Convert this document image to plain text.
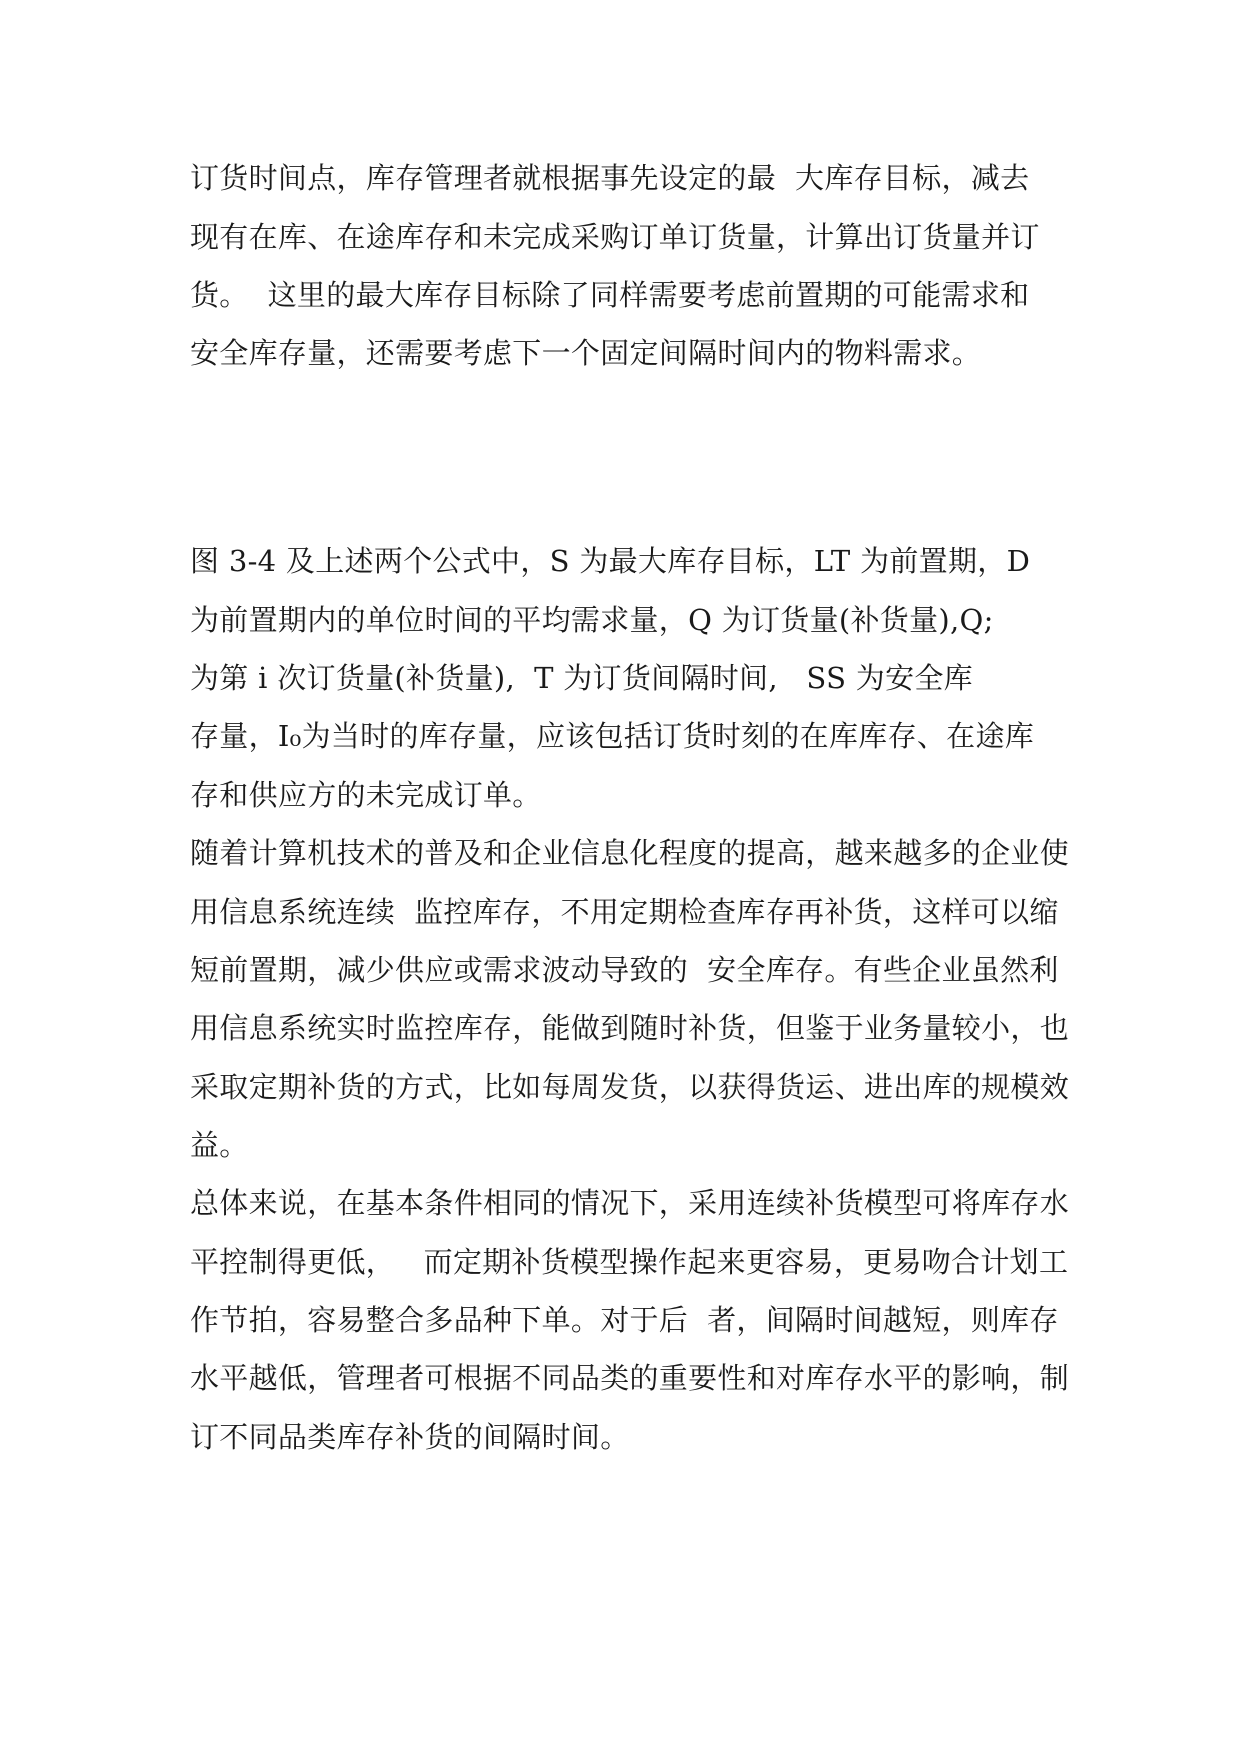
订货时间点，库存管理者就根据事先设定的最  大库存目标，减去

现有在库、在途库存和未完成采购订单订货量，计算出订货量并订

货。  这里的最大库存目标除了同样需要考虑前置期的可能需求和

安全库存量，还需要考虑下一个固定间隔时间内的物料需求。

图 3-4 及上述两个公式中，S 为最大库存目标，LT 为前置期，D

为前置期内的单位时间的平均需求量，Q 为订货量(补货量),Q;

为第 i 次订货量(补货量),  T 为订货间隔时间,   SS 为安全库

存量，I₀为当时的库存量，应该包括订货时刻的在库库存、在途库

存和供应方的未完成订单。

随着计算机技术的普及和企业信息化程度的提高，越来越多的企业使

用信息系统连续  监控库存，不用定期检查库存再补货，这样可以缩

短前置期，减少供应或需求波动导致的  安全库存。有些企业虽然利

用信息系统实时监控库存，能做到随时补货，但鉴于业务量较小，也

采取定期补货的方式，比如每周发货，以获得货运、进出库的规模效

益。

总体来说，在基本条件相同的情况下，采用连续补货模型可将库存水

平控制得更低，   而定期补货模型操作起来更容易，更易吻合计划工

作节拍，容易整合多品种下单。对于后  者，间隔时间越短，则库存

水平越低，管理者可根据不同品类的重要性和对库存水平的影响，制

订不同品类库存补货的间隔时间。
